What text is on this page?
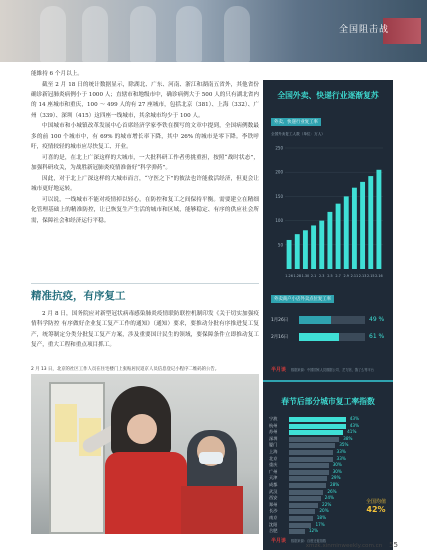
全国阻击战

能維持 6 个月以上。

截至 2 月 18 日的统计数据显示，除湖北、广东、河南、浙江和湖南五省外，其他省份确诊新冠肺炎病例小于 1000 人；直辖市和地级市中，确诊病例大于 500 人的只有湖北省内的 14 座城市和重庆，100 ～ 499 人的有 27 座城市，包括北京（381）、上海（332）、广州（339）、深圳（415）这四座一线城市，其余城市均少于 100 人。

中国城市和小城镇改革发展中心首席经济学家李铁在撰写的文章中提到，全国病例数最多的前 100 个城市中，有 69% 的城市增长率下降，其中 26% 的城市是零下降。李铁呼吁，疫情较轻的城市应尽快复工、开业。

可喜的是，在北上广深这样的大城市，一大批科研工作者勇挑重担，按照“战时状态”，加强科研攻关，为战胜新冠肺炎疫情准备好“科学弹药”。

因此，对于北上广深这样的大城市而言，“守医之下”的彼法也许能救活经济，但更会让城市更好地运转。

可以说，一线城市不能对疫情掉以轻心，在防控和复工之间保持平衡。需要建立在精细化管理基础上的精准防控，让已恢复生产生活的城市和区域，能够稳定、有序的供应社会所需，保障社会和经济运行平稳。

精准抗疫，有序复工

2 月 8 日，国务院应对新型冠状病毒感染肺炎疫情联防联控机制印发《关于切实加强疫情科学防控 有序做好企业复工复产工作的通知》（通知）要求，要推动分批有序推进复工复产，统筹制定分类分批复工复产方案，涉及重要国计民生的领域，要保障条件立即推动复工复产，重大工程和重点项目抓工。

2 月 13 日，北京的社区工作人员在住宅楼门上张贴居民返京人员信息登记小程序二维码的公告。
全国外卖、快递行业逐渐复苏
外卖、快递行业复工率
全国外卖复工人数（单位：万人）
250
200
150
100
50
1.26 1.28 1.30 2.1 2.3 2.5 2.7 2.9 2.11 2.13 2.15 2.16
外卖商户小店外卖点位复工率
1月26日	49 %
2月16日	61 %
半月谈 数据来源：中国国家人员数据公司、艺力馆，饿了么等平台
春节后部分城市复工率指数
宁波	43%
杭州	43%
苏州	41%
深圳	38%
厦门	35%
上海	33%
北京	33%
重庆	30%
广州	30%
天津	29%
成都	28%
武汉	26%
西安	24%
郑州	22%
长沙	20%
南京	18%
沈阳	17%
合肥	12%
全国均值
42%
半月谈 数据来源：百度迁徙指数
xmzk.xinminweekly.com.cn 55
